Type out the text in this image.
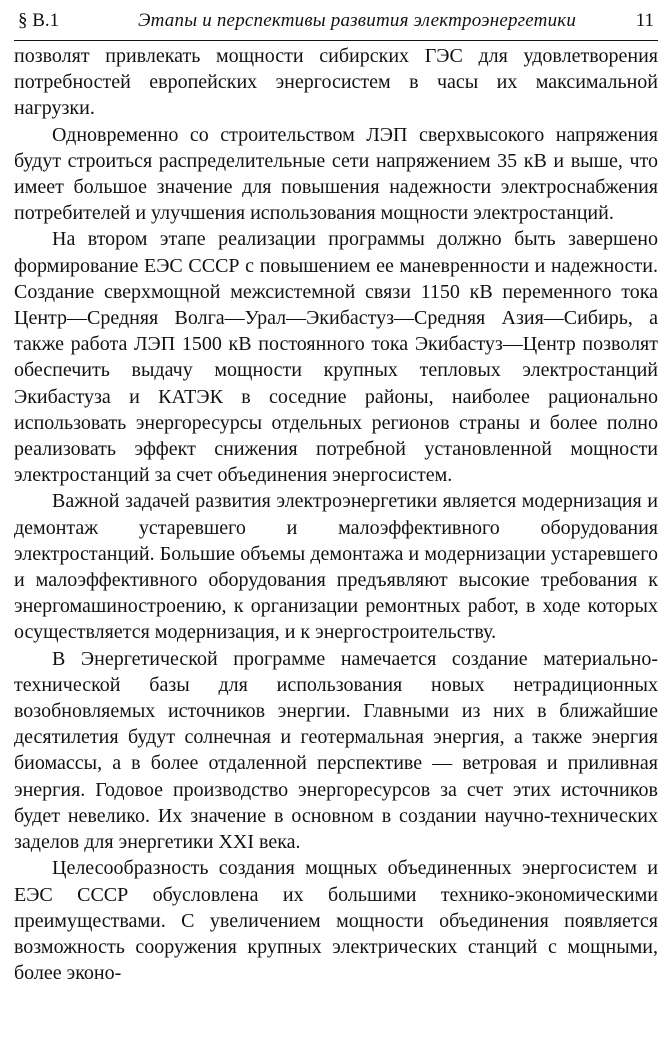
§ В.1	Этапы и перспективы развития электроэнергетики	11

позволят привлекать мощности сибирских ГЭС для удовлетворения потребностей европейских энергосистем в часы их максимальной нагрузки.

Одновременно со строительством ЛЭП сверхвысокого напряжения будут строиться распределительные сети напряжением 35 кВ и выше, что имеет большое значение для повышения надежности электроснабжения потребителей и улучшения использования мощности электростанций.

На втором этапе реализации программы должно быть завершено формирование ЕЭС СССР с повышением ее маневренности и надежности. Создание сверхмощной межсистемной связи 1150 кВ переменного тока Центр—Средняя Волга—Урал—Экибастуз—Средняя Азия—Сибирь, а также работа ЛЭП 1500 кВ постоянного тока Экибастуз—Центр позволят обеспечить выдачу мощности крупных тепловых электростанций Экибастуза и КАТЭК в соседние районы, наиболее рационально использовать энергоресурсы отдельных регионов страны и более полно реализовать эффект снижения потребной установленной мощности электростанций за счет объединения энергосистем.

Важной задачей развития электроэнергетики является модернизация и демонтаж устаревшего и малоэффективного оборудования электростанций. Большие объемы демонтажа и модернизации устаревшего и малоэффективного оборудования предъявляют высокие требования к энергомашиностроению, к организации ремонтных работ, в ходе которых осуществляется модернизация, и к энергостроительству.

В Энергетической программе намечается создание материально-технической базы для использования новых нетрадиционных возобновляемых источников энергии. Главными из них в ближайшие десятилетия будут солнечная и геотермальная энергия, а также энергия биомассы, а в более отдаленной перспективе — ветровая и приливная энергия. Годовое производство энергоресурсов за счет этих источников будет невелико. Их значение в основном в создании научно-технических заделов для энергетики XXI века.

Целесообразность создания мощных объединенных энергосистем и ЕЭС СССР обусловлена их большими технико-экономическими преимуществами. С увеличением мощности объединения появляется возможность сооружения крупных электрических станций с мощными, более эконо-
